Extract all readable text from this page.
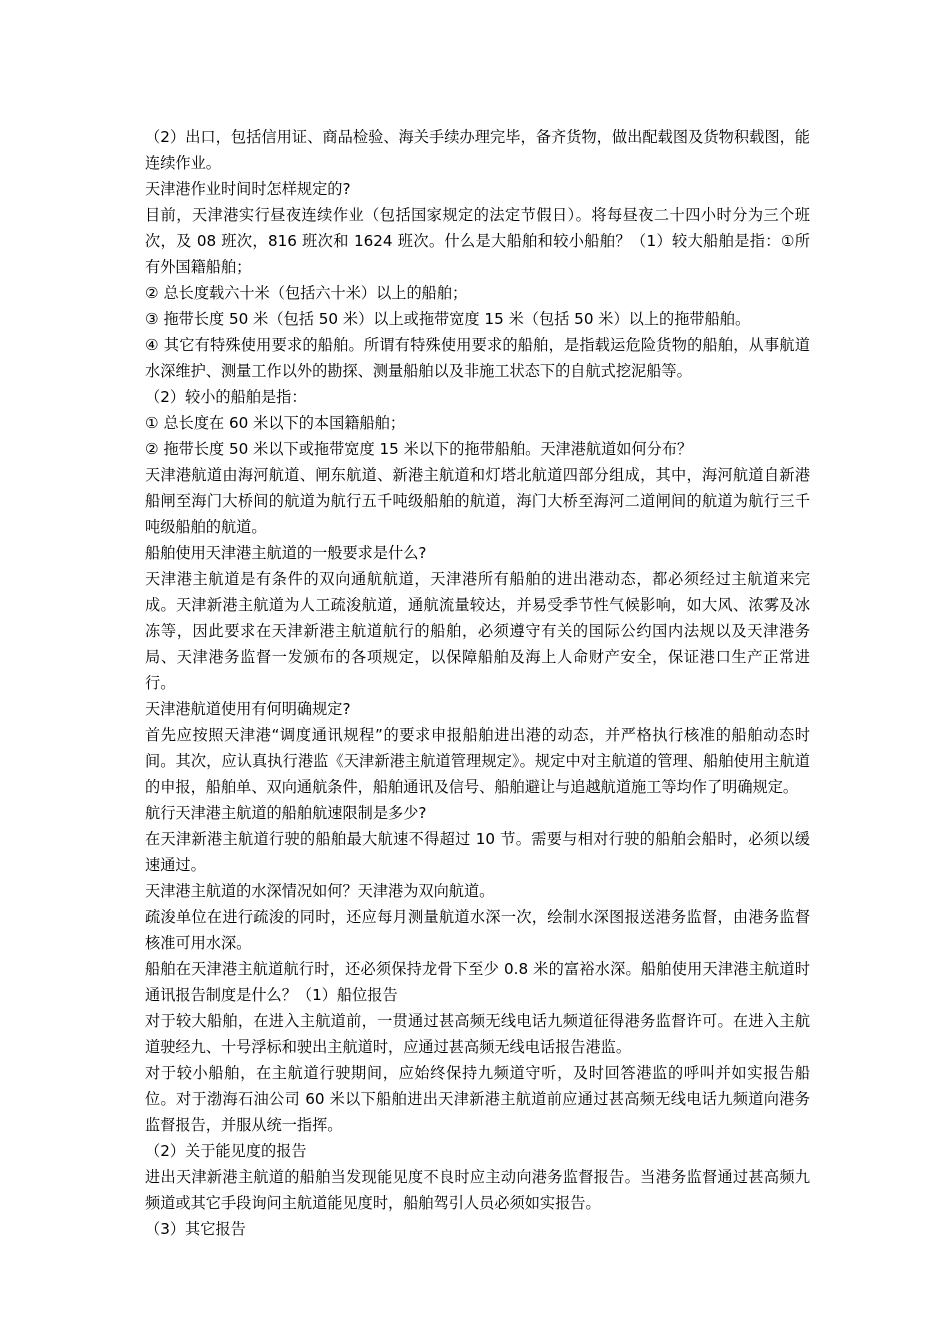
（2）出口，包括信用证、商品检验、海关手续办理完毕，备齐货物，做出配载图及货物积载图，能连续作业。

天津港作业时间时怎样规定的?

目前，天津港实行昼夜连续作业（包括国家规定的法定节假日）。将每昼夜二十四小时分为三个班次，及 08 班次，816 班次和 1624 班次。什么是大船舶和较小船舶？（1）较大船舶是指：①所有外国籍船舶；

② 总长度载六十米（包括六十米）以上的船舶；

③ 拖带长度 50 米（包括 50 米）以上或拖带宽度 15 米（包括 50 米）以上的拖带船舶。

④ 其它有特殊使用要求的船舶。所谓有特殊使用要求的船舶，是指载运危险货物的船舶，从事航道水深维护、测量工作以外的勘探、测量船舶以及非施工状态下的自航式挖泥船等。

（2）较小的船舶是指：

① 总长度在 60 米以下的本国籍船舶；

② 拖带长度 50 米以下或拖带宽度 15 米以下的拖带船舶。天津港航道如何分布？

天津港航道由海河航道、闸东航道、新港主航道和灯塔北航道四部分组成，其中，海河航道自新港船闸至海门大桥间的航道为航行五千吨级船舶的航道，海门大桥至海河二道闸间的航道为航行三千吨级船舶的航道。

船舶使用天津港主航道的一般要求是什么?

天津港主航道是有条件的双向通航航道，天津港所有船舶的进出港动态，都必须经过主航道来完成。天津新港主航道为人工疏浚航道，通航流量较达，并易受季节性气候影响，如大风、浓雾及冰冻等，因此要求在天津新港主航道航行的船舶，必须遵守有关的国际公约国内法规以及天津港务局、天津港务监督一发颁布的各项规定，以保障船舶及海上人命财产安全，保证港口生产正常进行。

天津港航道使用有何明确规定?

首先应按照天津港“调度通讯规程”的要求申报船舶进出港的动态，并严格执行核准的船舶动态时间。其次，应认真执行港监《天津新港主航道管理规定》。规定中对主航道的管理、船舶使用主航道的申报，船舶单、双向通航条件，船舶通讯及信号、船舶避让与追越航道施工等均作了明确规定。

航行天津港主航道的船舶航速限制是多少?

在天津新港主航道行驶的船舶最大航速不得超过 10 节。需要与相对行驶的船舶会船时，必须以缓速通过。

天津港主航道的水深情况如何？天津港为双向航道。

疏浚单位在进行疏浚的同时，还应每月测量航道水深一次，绘制水深图报送港务监督，由港务监督核准可用水深。

船舶在天津港主航道航行时，还必须保持龙骨下至少 0.8 米的富裕水深。船舶使用天津港主航道时通讯报告制度是什么？（1）船位报告

对于较大船舶，在进入主航道前，一贯通过甚高频无线电话九频道征得港务监督许可。在进入主航道驶经九、十号浮标和驶出主航道时，应通过甚高频无线电话报告港监。

对于较小船舶，在主航道行驶期间，应始终保持九频道守听，及时回答港监的呼叫并如实报告船位。对于渤海石油公司 60 米以下船舶进出天津新港主航道前应通过甚高频无线电话九频道向港务监督报告，并服从统一指挥。

（2）关于能见度的报告

进出天津新港主航道的船舶当发现能见度不良时应主动向港务监督报告。当港务监督通过甚高频九频道或其它手段询问主航道能见度时，船舶驾引人员必须如实报告。

（3）其它报告
